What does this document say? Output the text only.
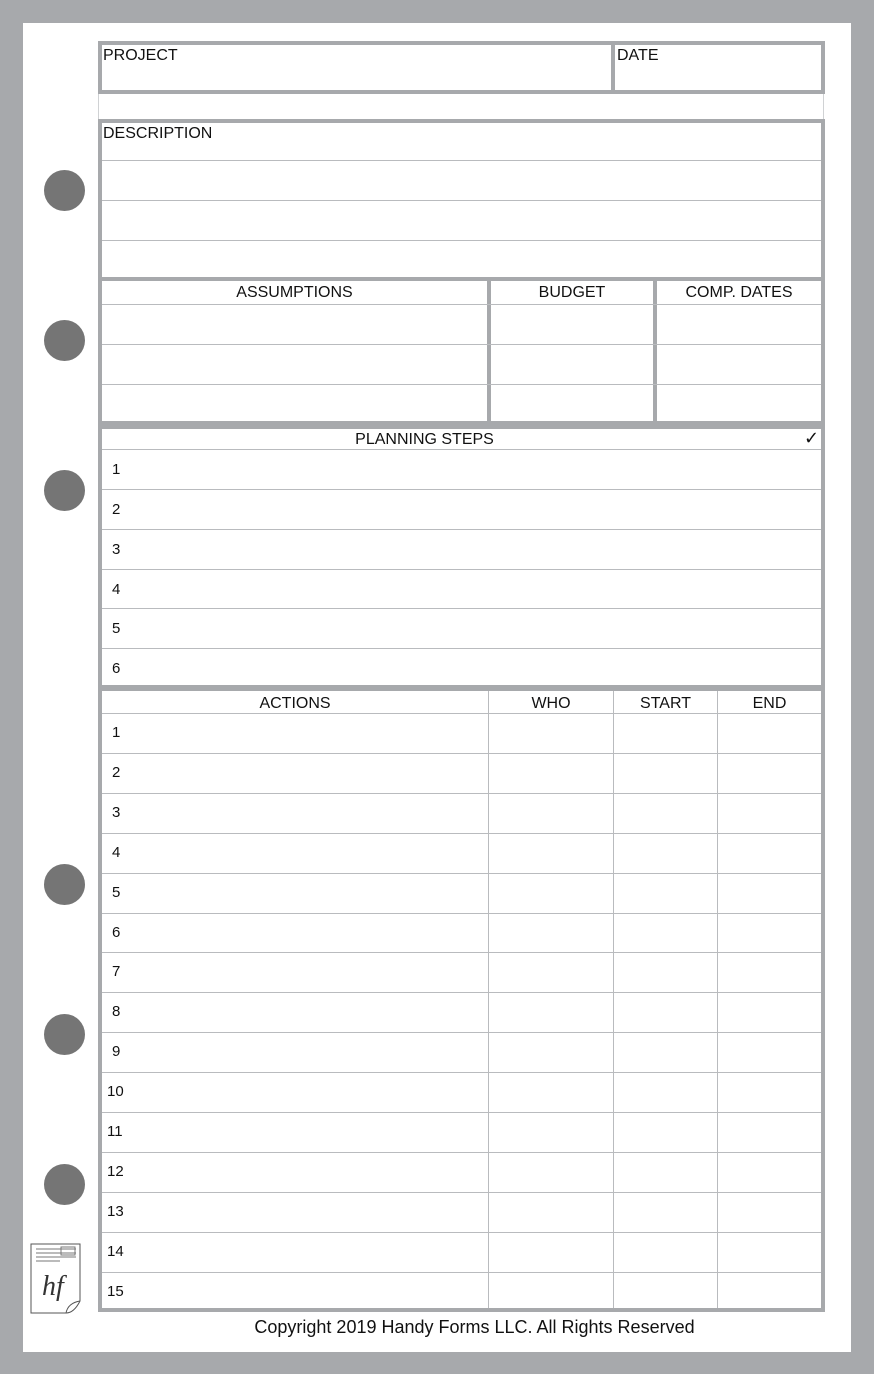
PROJECT	DATE
DESCRIPTION
ASSUMPTIONS	BUDGET	COMP. DATES
PLANNING STEPS	✓
1
2
3
4
5
6
ACTIONS	WHO	START	END
1
2
3
4
5
6
7
8
9
10
11
12
13
14
15
hf
Copyright 2019 Handy Forms LLC. All Rights Reserved
